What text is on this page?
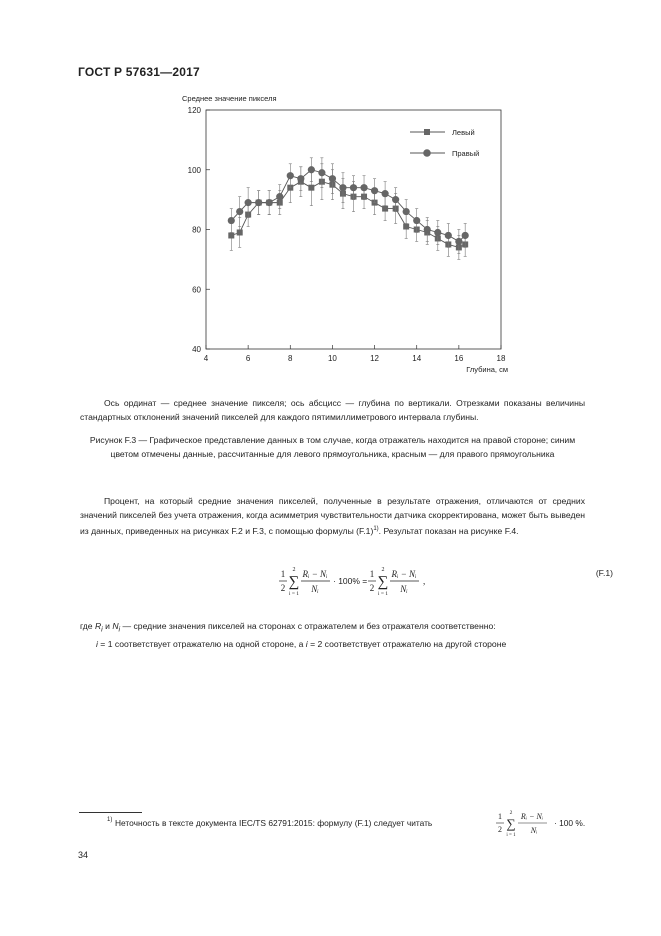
ГОСТ Р 57631—2017
Среднее значение пикселя
Глубина, см
4	6	8	10	12	14	16	18
40
60
80
100
120
Левый
Правый
Ось ординат — среднее значение пикселя; ось абсцисс — глубина по вертикали. Отрезками показаны величины стандартных отклонений значений пикселей для каждого пятимиллиметрового интервала глубины.
Рисунок F.3 — Графическое представление данных в том случае, когда отражатель находится на правой стороне; синим цветом отмечены данные, рассчитанные для левого прямоугольника, красным — для правого прямоугольника
Процент, на который средние значения пикселей, полученные в результате отражения, отличаются от средних значений пикселей без учета отражения, когда асимметрия чувствительности датчика скорректирована, может быть выведен из данных, приведенных на рисунках F.2 и F.3, с помощью формулы $(F.1)^{1)}$. Результат показан на рисунке F.4.
1
2
2
∑
i = 1
Rᵢ − Nᵢ
Nᵢ
· 100% =
1
2
2
∑
i = 1
Rᵢ − Nᵢ
Nᵢ
,
(F.1)
где $R_i$ и $N_i$ — средние значения пикселей на сторонах с отражателем и без отражателя соответственно:
i = 1 соответствует отражателю на одной стороне, а i = 2 соответствует отражателю на другой стороне
1) Неточность в тексте документа IEC/TS 62791:2015: формулу (F.1) следует читать
1
2
2
∑
i = 1
Rᵢ − Nᵢ
Nᵢ
· 100 %.
34
